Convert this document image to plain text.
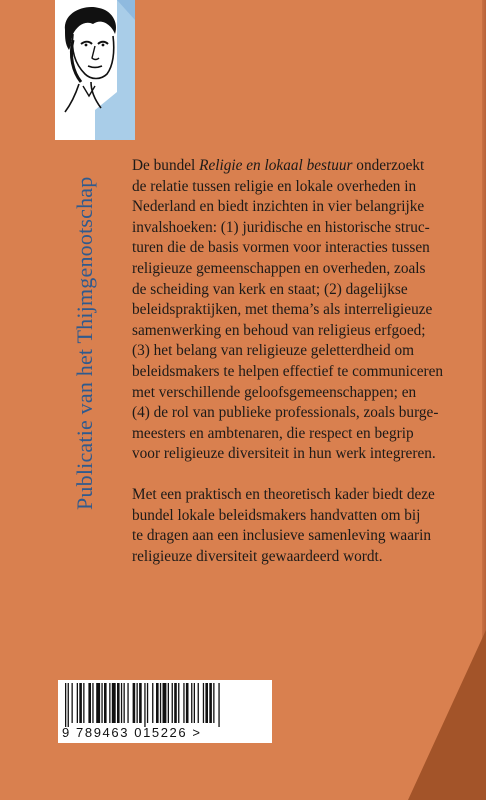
Publicatie van het Thijmgenootschap

De bundel Religie en lokaal bestuur onderzoekt
de relatie tussen religie en lokale overheden in
Nederland en biedt inzichten in vier belangrijke
invalshoeken: (1) juridische en historische struc-
turen die de basis vormen voor interacties tussen
religieuze gemeenschappen en overheden, zoals
de scheiding van kerk en staat; (2) dagelijkse
beleidspraktijken, met thema’s als interreligieuze
samenwerking en behoud van religieus erfgoed;
(3) het belang van religieuze geletterdheid om
beleidsmakers te helpen effectief te communiceren
met verschillende geloofsgemeenschappen; en
(4) de rol van publieke professionals, zoals burge-
meesters en ambtenaren, die respect en begrip
voor religieuze diversiteit in hun werk integreren.

Met een praktisch en theoretisch kader biedt deze
bundel lokale beleidsmakers handvatten om bij
te dragen aan een inclusieve samenleving waarin
religieuze diversiteit gewaardeerd wordt.

9 789463 015226 >
